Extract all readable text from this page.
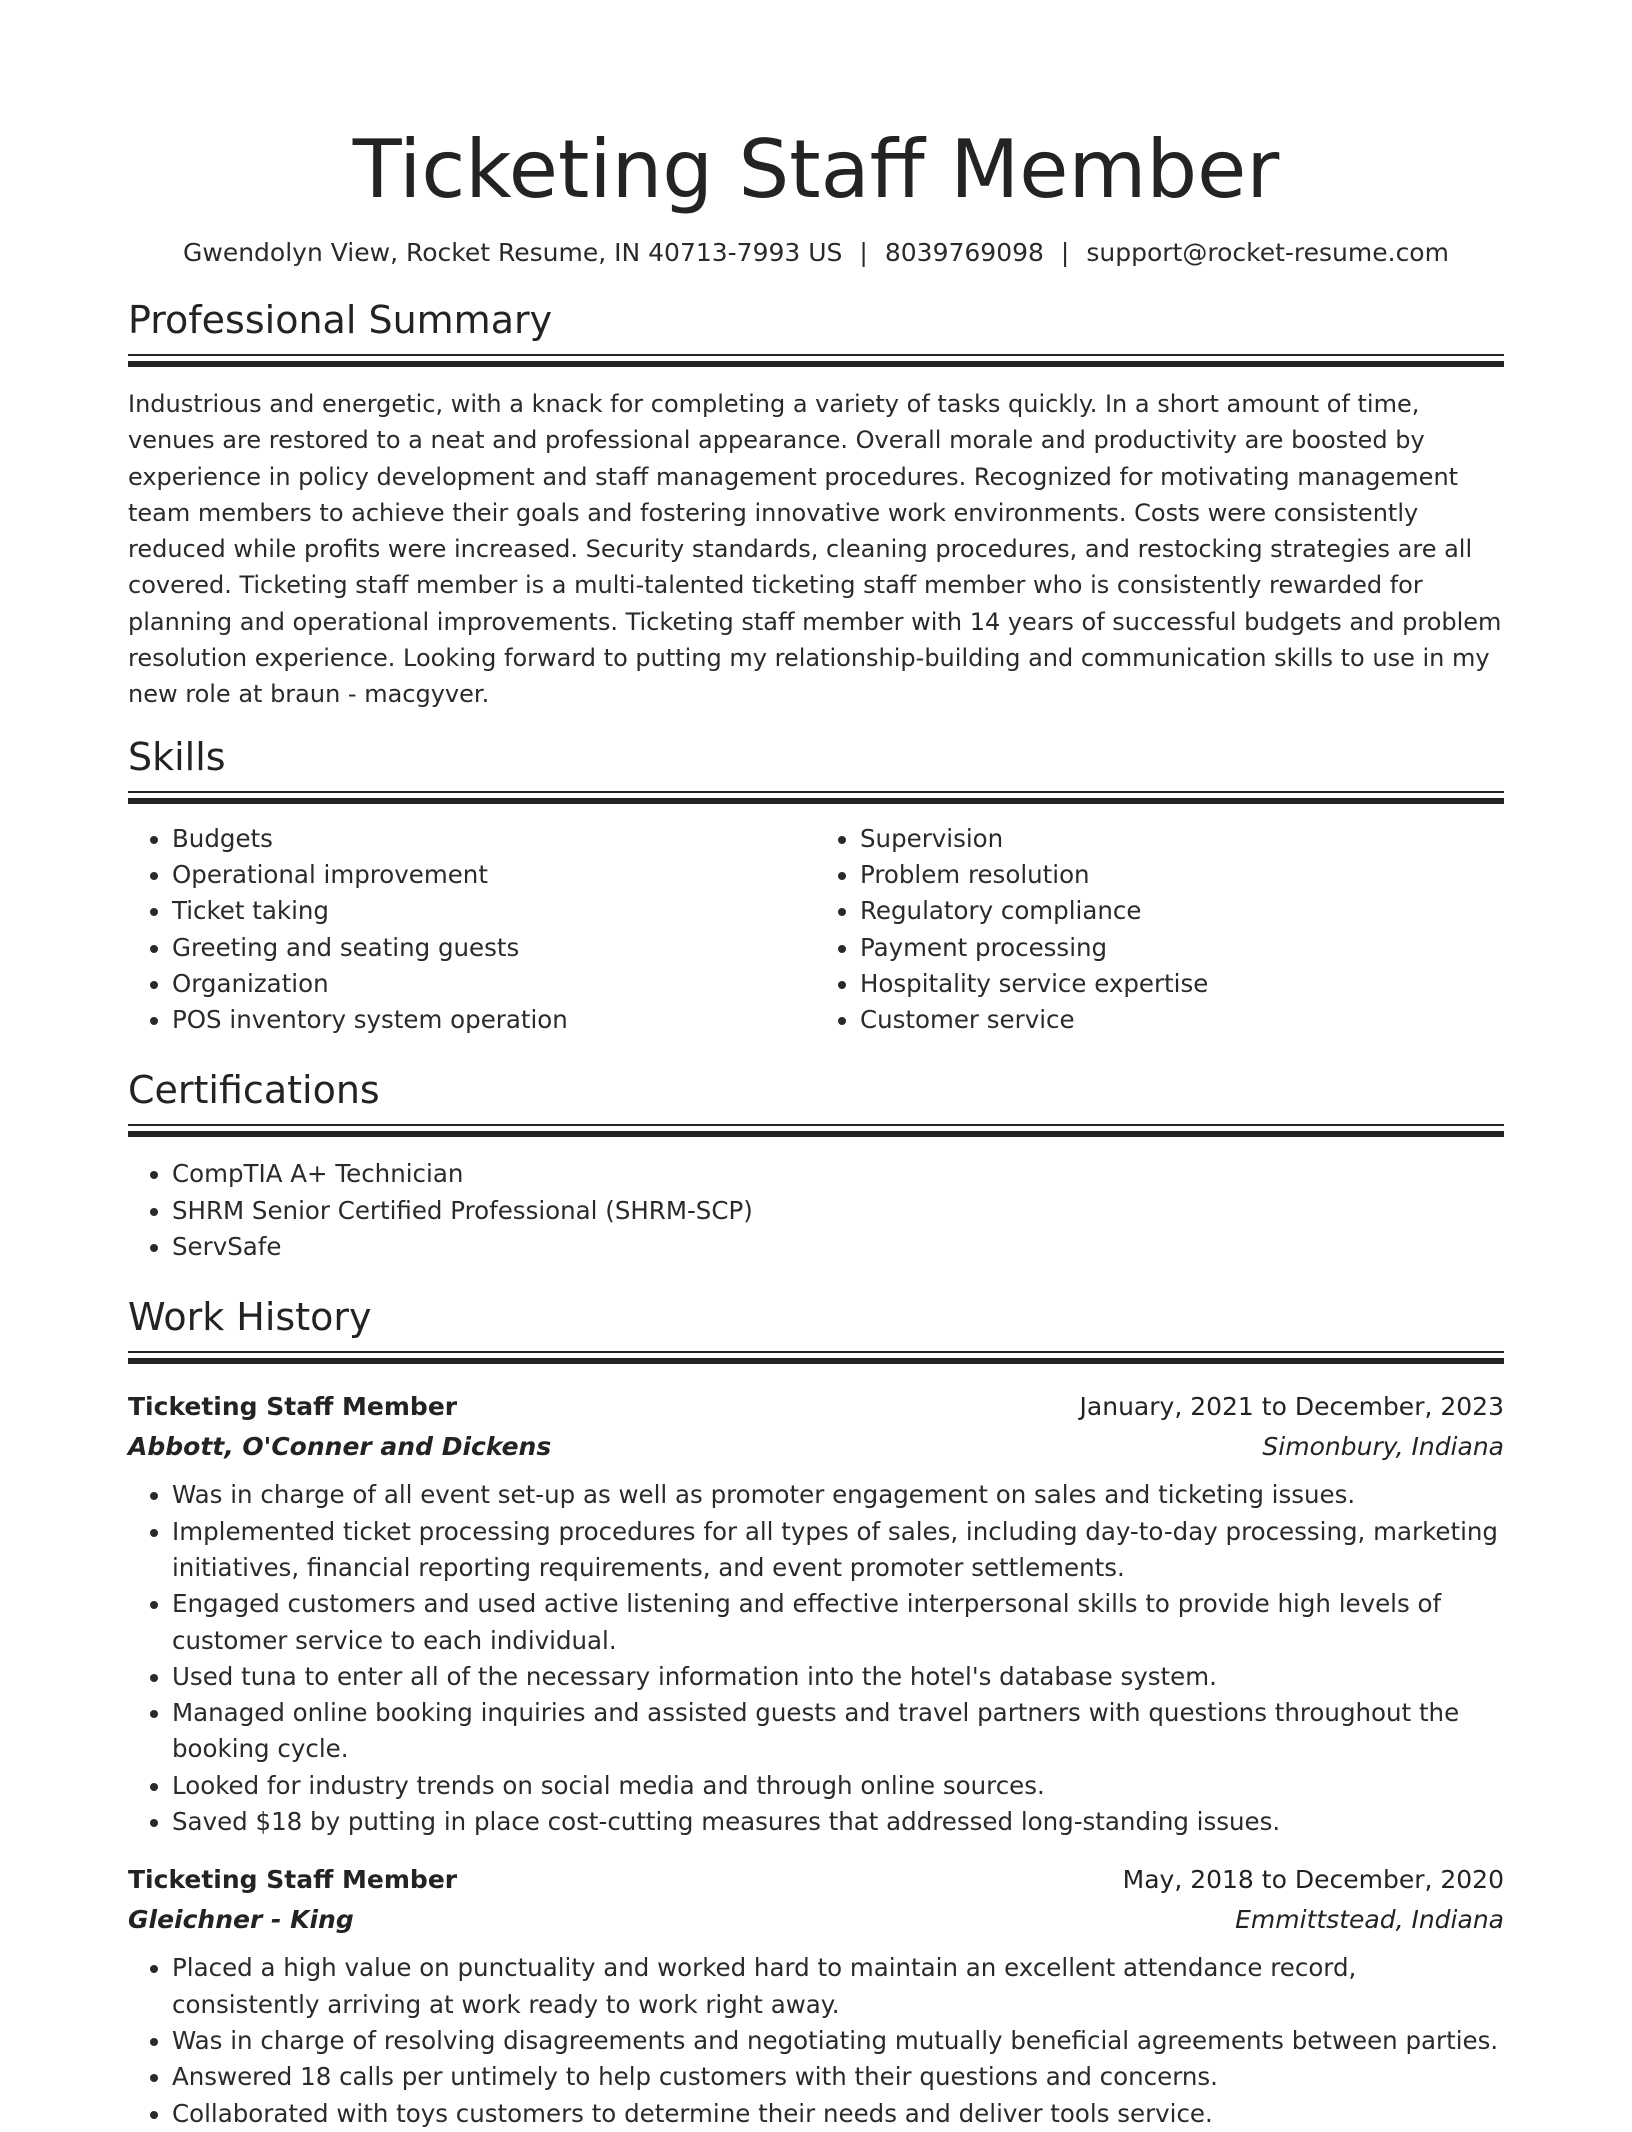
Ticketing Staff Member
Gwendolyn View, Rocket Resume, IN 40713-7993 US | 8039769098 | support@rocket-resume.com
Professional Summary

Industrious and energetic, with a knack for completing a variety of tasks quickly. In a short amount of time, venues are restored to a neat and professional appearance. Overall morale and productivity are boosted by experience in policy development and staff management procedures. Recognized for motivating management team members to achieve their goals and fostering innovative work environments. Costs were consistently reduced while profits were increased. Security standards, cleaning procedures, and restocking strategies are all covered. Ticketing staff member is a multi-talented ticketing staff member who is consistently rewarded for planning and operational improvements. Ticketing staff member with 14 years of successful budgets and problem resolution experience. Looking forward to putting my relationship-building and communication skills to use in my new role at braun - macgyver.

Skills
• Budgets
• Operational improvement
• Ticket taking
• Greeting and seating guests
• Organization
• POS inventory system operation
• Supervision
• Problem resolution
• Regulatory compliance
• Payment processing
• Hospitality service expertise
• Customer service
Certifications
• CompTIA A+ Technician
• SHRM Senior Certified Professional (SHRM-SCP)
• ServSafe
Work History
Ticketing Staff Member	January, 2021 to December, 2023
Abbott, O'Conner and Dickens	Simonbury, Indiana
• Was in charge of all event set-up as well as promoter engagement on sales and ticketing issues.
• Implemented ticket processing procedures for all types of sales, including day-to-day processing, marketing initiatives, financial reporting requirements, and event promoter settlements.
• Engaged customers and used active listening and effective interpersonal skills to provide high levels of customer service to each individual.
• Used tuna to enter all of the necessary information into the hotel's database system.
• Managed online booking inquiries and assisted guests and travel partners with questions throughout the booking cycle.
• Looked for industry trends on social media and through online sources.
• Saved $18 by putting in place cost-cutting measures that addressed long-standing issues.
Ticketing Staff Member	May, 2018 to December, 2020
Gleichner - King	Emmittstead, Indiana
• Placed a high value on punctuality and worked hard to maintain an excellent attendance record, consistently arriving at work ready to work right away.
• Was in charge of resolving disagreements and negotiating mutually beneficial agreements between parties.
• Answered 18 calls per untimely to help customers with their questions and concerns.
• Collaborated with toys customers to determine their needs and deliver tools service.
